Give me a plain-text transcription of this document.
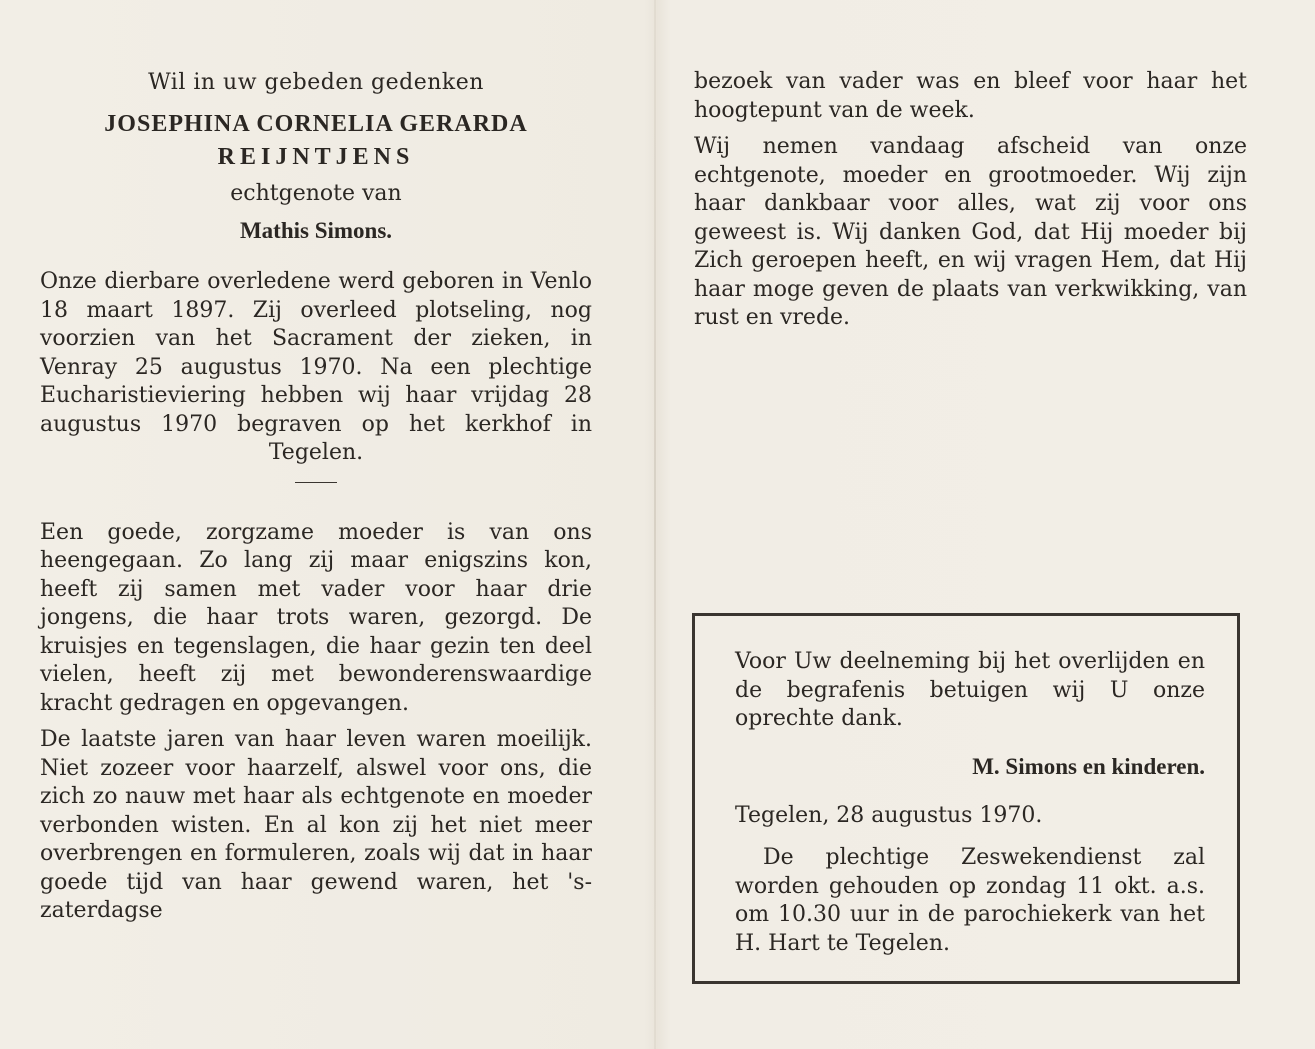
Wil in uw gebeden gedenken
JOSEPHINA CORNELIA GERARDA
REIJNTJENS
echtgenote van
Mathis Simons.

Onze dierbare overledene werd geboren in Venlo 18 maart 1897. Zij overleed plotseling, nog voorzien van het Sacrament der zieken, in Venray 25 augustus 1970. Na een plechtige Eucharistieviering hebben wij haar vrijdag 28 augustus 1970 begraven op het kerkhof in Tegelen.

Een goede, zorgzame moeder is van ons heengegaan. Zo lang zij maar enigszins kon, heeft zij samen met vader voor haar drie jongens, die haar trots waren, gezorgd. De kruisjes en tegenslagen, die haar gezin ten deel vielen, heeft zij met bewonderenswaardige kracht gedragen en opgevangen.

De laatste jaren van haar leven waren moeilijk. Niet zozeer voor haarzelf, alswel voor ons, die zich zo nauw met haar als echtgenote en moeder verbonden wisten. En al kon zij het niet meer overbrengen en formuleren, zoals wij dat in haar goede tijd van haar gewend waren, het 's-zaterdagse

bezoek van vader was en bleef voor haar het hoogtepunt van de week.

Wij nemen vandaag afscheid van onze echtgenote, moeder en grootmoeder. Wij zijn haar dankbaar voor alles, wat zij voor ons geweest is. Wij danken God, dat Hij moeder bij Zich geroepen heeft, en wij vragen Hem, dat Hij haar moge geven de plaats van verkwikking, van rust en vrede.

Voor Uw deelneming bij het overlijden en de begrafenis betuigen wij U onze oprechte dank.

M. Simons en kinderen.

Tegelen, 28 augustus 1970.

De plechtige Zeswekendienst zal worden gehouden op zondag 11 okt. a.s. om 10.30 uur in de parochiekerk van het H. Hart te Tegelen.
